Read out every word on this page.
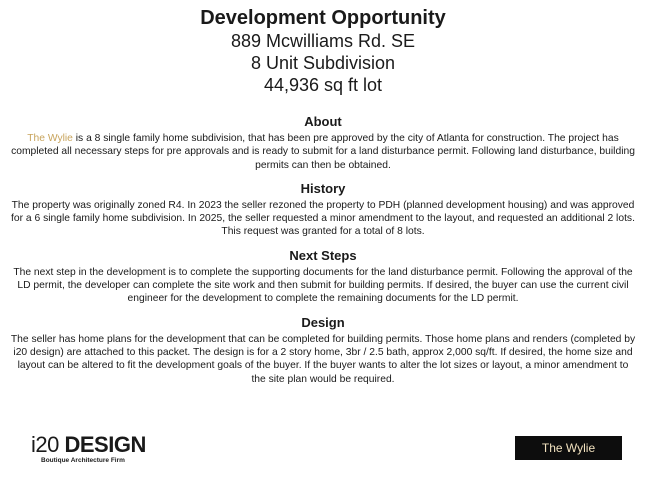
Development Opportunity
889 Mcwilliams Rd. SE
8 Unit Subdivision
44,936 sq ft lot
About

The Wylie is a 8 single family home subdivision, that has been pre approved by the city of Atlanta for construction. The project has completed all necessary steps for pre approvals and is ready to submit for a land disturbance permit. Following land disturbance, building permits can then be obtained.

History

The property was originally zoned R4. In 2023 the seller rezoned the property to PDH (planned development housing) and was approved for a 6 single family home subdivision. In 2025, the seller requested a minor amendment to the layout, and requested an additional 2 lots. This request was granted for a total of 8 lots.

Next Steps

The next step in the development is to complete the supporting documents for the land disturbance permit. Following the approval of the LD permit, the developer can complete the site work and then submit for building permits. If desired, the buyer can use the current civil engineer for the development to complete the remaining documents for the LD permit.

Design

The seller has home plans for the development that can be completed for building permits. Those home plans and renders (completed by i20 design) are attached to this packet. The design is for a 2 story home, 3br / 2.5 bath, approx 2,000 sq/ft. If desired, the home size and layout can be altered to fit the development goals of the buyer. If the buyer wants to alter the lot sizes or layout, a minor amendment to the site plan would be required.

i20 DESIGN
Boutique Architecture Firm
The Wylie
